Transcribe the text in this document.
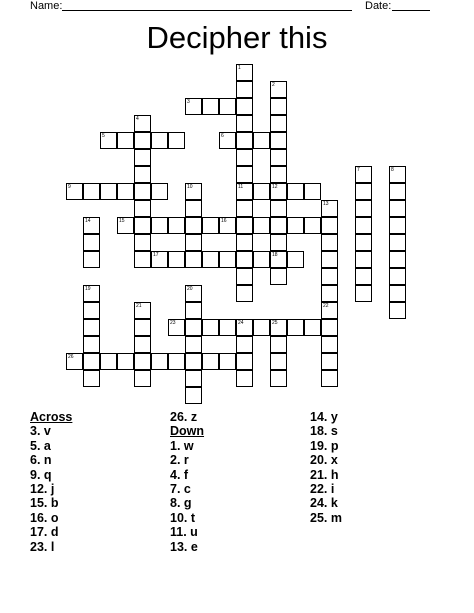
Name:	Date:
Decipher this
1
11
24
2
12
18
25
3
4
5	6
9	10
13
22
7	8
14	15	16
17
19
21
20
23
26
Across
3. v
5. a
6. n
9. q
12. j
15. b
16. o
17. d
23. l
26. z
Down
1. w
2. r
4. f
7. c
8. g
10. t
11. u
13. e
14. y
18. s
19. p
20. x
21. h
22. i
24. k
25. m
